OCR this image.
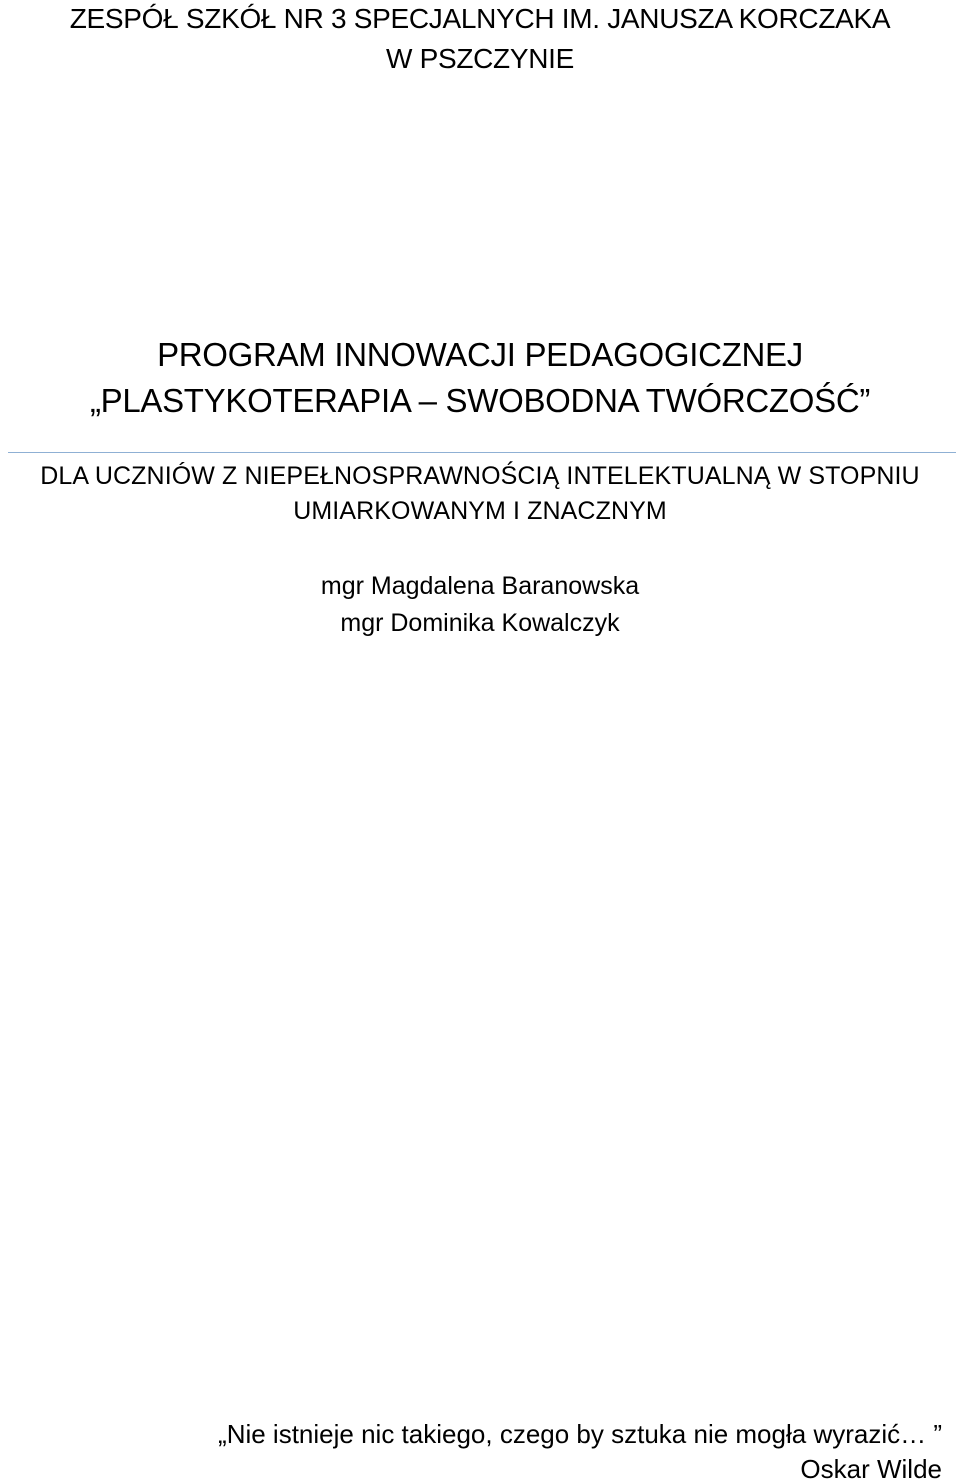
ZESPÓŁ SZKÓŁ NR 3 SPECJALNYCH IM. JANUSZA KORCZAKA
W PSZCZYNIE
PROGRAM INNOWACJI PEDAGOGICZNEJ
„PLASTYKOTERAPIA – SWOBODNA TWÓRCZOŚĆ”
DLA UCZNIÓW Z NIEPEŁNOSPRAWNOŚCIĄ INTELEKTUALNĄ W STOPNIU
UMIARKOWANYM I ZNACZNYM
mgr Magdalena Baranowska
mgr Dominika Kowalczyk
„Nie istnieje nic takiego, czego by sztuka nie mogła wyrazić… ”
Oskar Wilde
